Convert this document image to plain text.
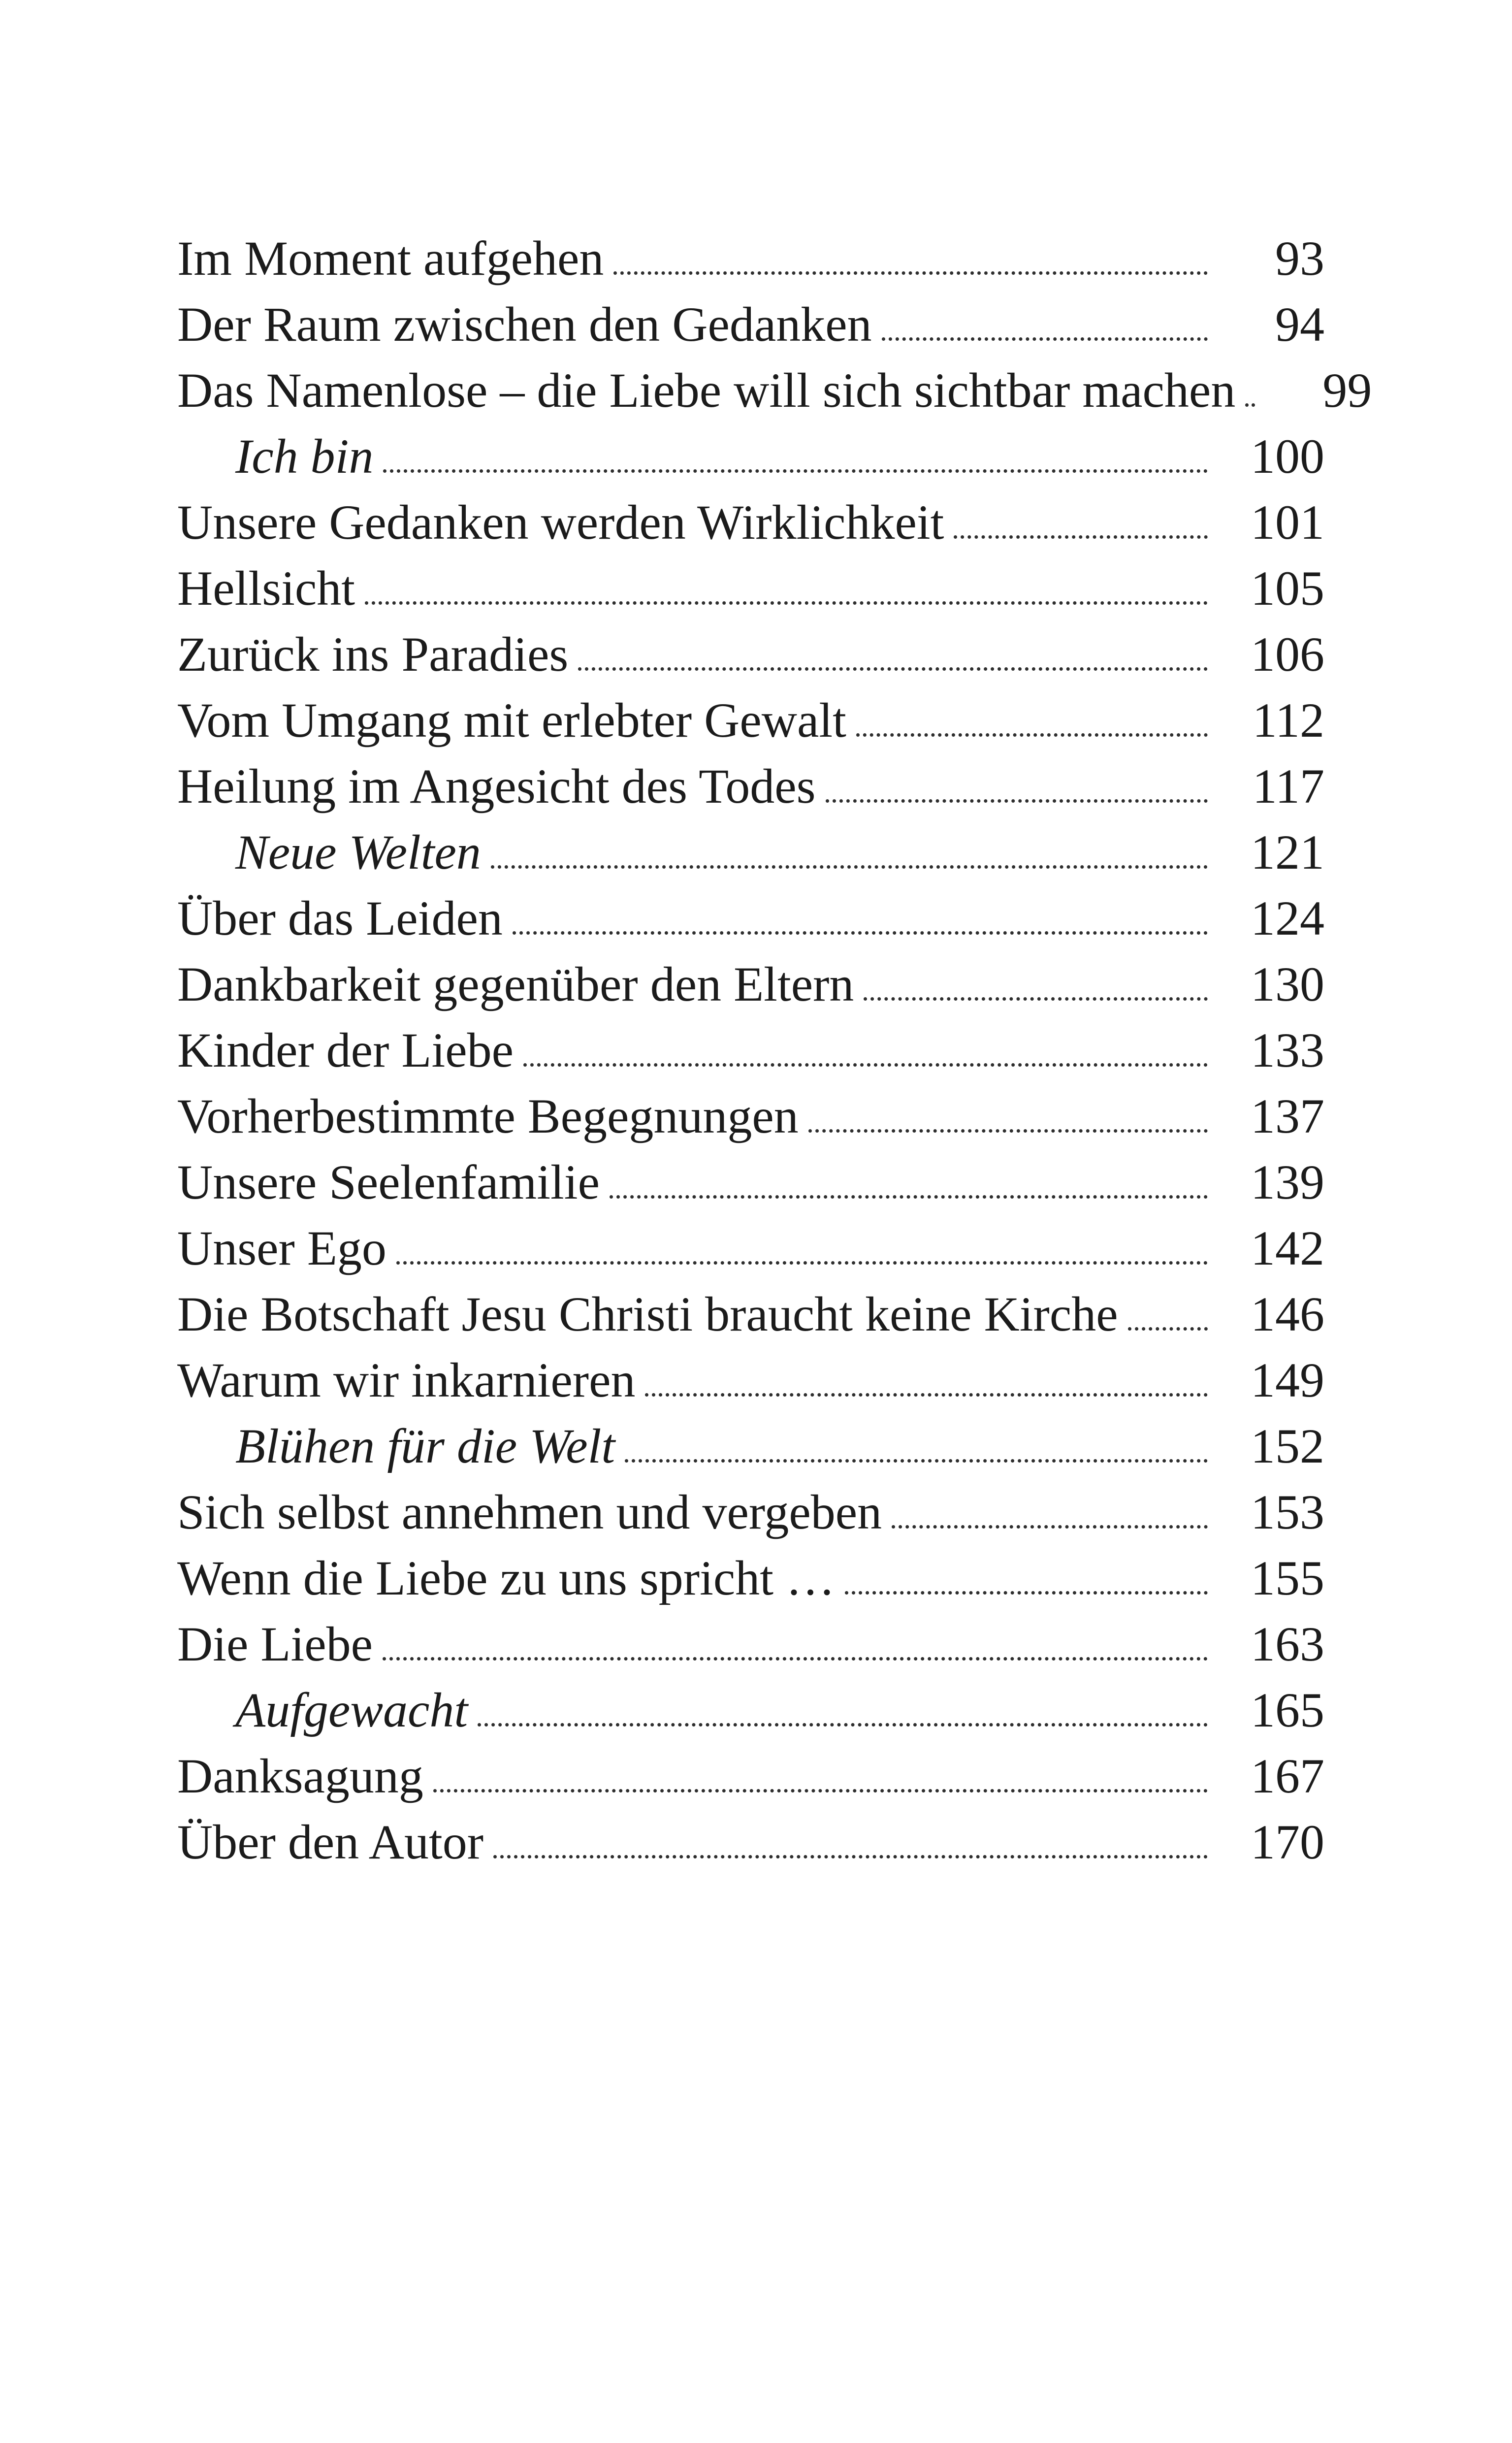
Im Moment aufgehen	93
Der Raum zwischen den Gedanken	94
Das Namenlose – die Liebe will sich sichtbar machen	99
Ich bin	100
Unsere Gedanken werden Wirklichkeit	101
Hellsicht	105
Zurück ins Paradies	106
Vom Umgang mit erlebter Gewalt	112
Heilung im Angesicht des Todes	117
Neue Welten	121
Über das Leiden	124
Dankbarkeit gegenüber den Eltern	130
Kinder der Liebe	133
Vorherbestimmte Begegnungen	137
Unsere Seelenfamilie	139
Unser Ego	142
Die Botschaft Jesu Christi braucht keine Kirche	146
Warum wir inkarnieren	149
Blühen für die Welt	152
Sich selbst annehmen und vergeben	153
Wenn die Liebe zu uns spricht …	155
Die Liebe	163
Aufgewacht	165
Danksagung	167
Über den Autor	170
